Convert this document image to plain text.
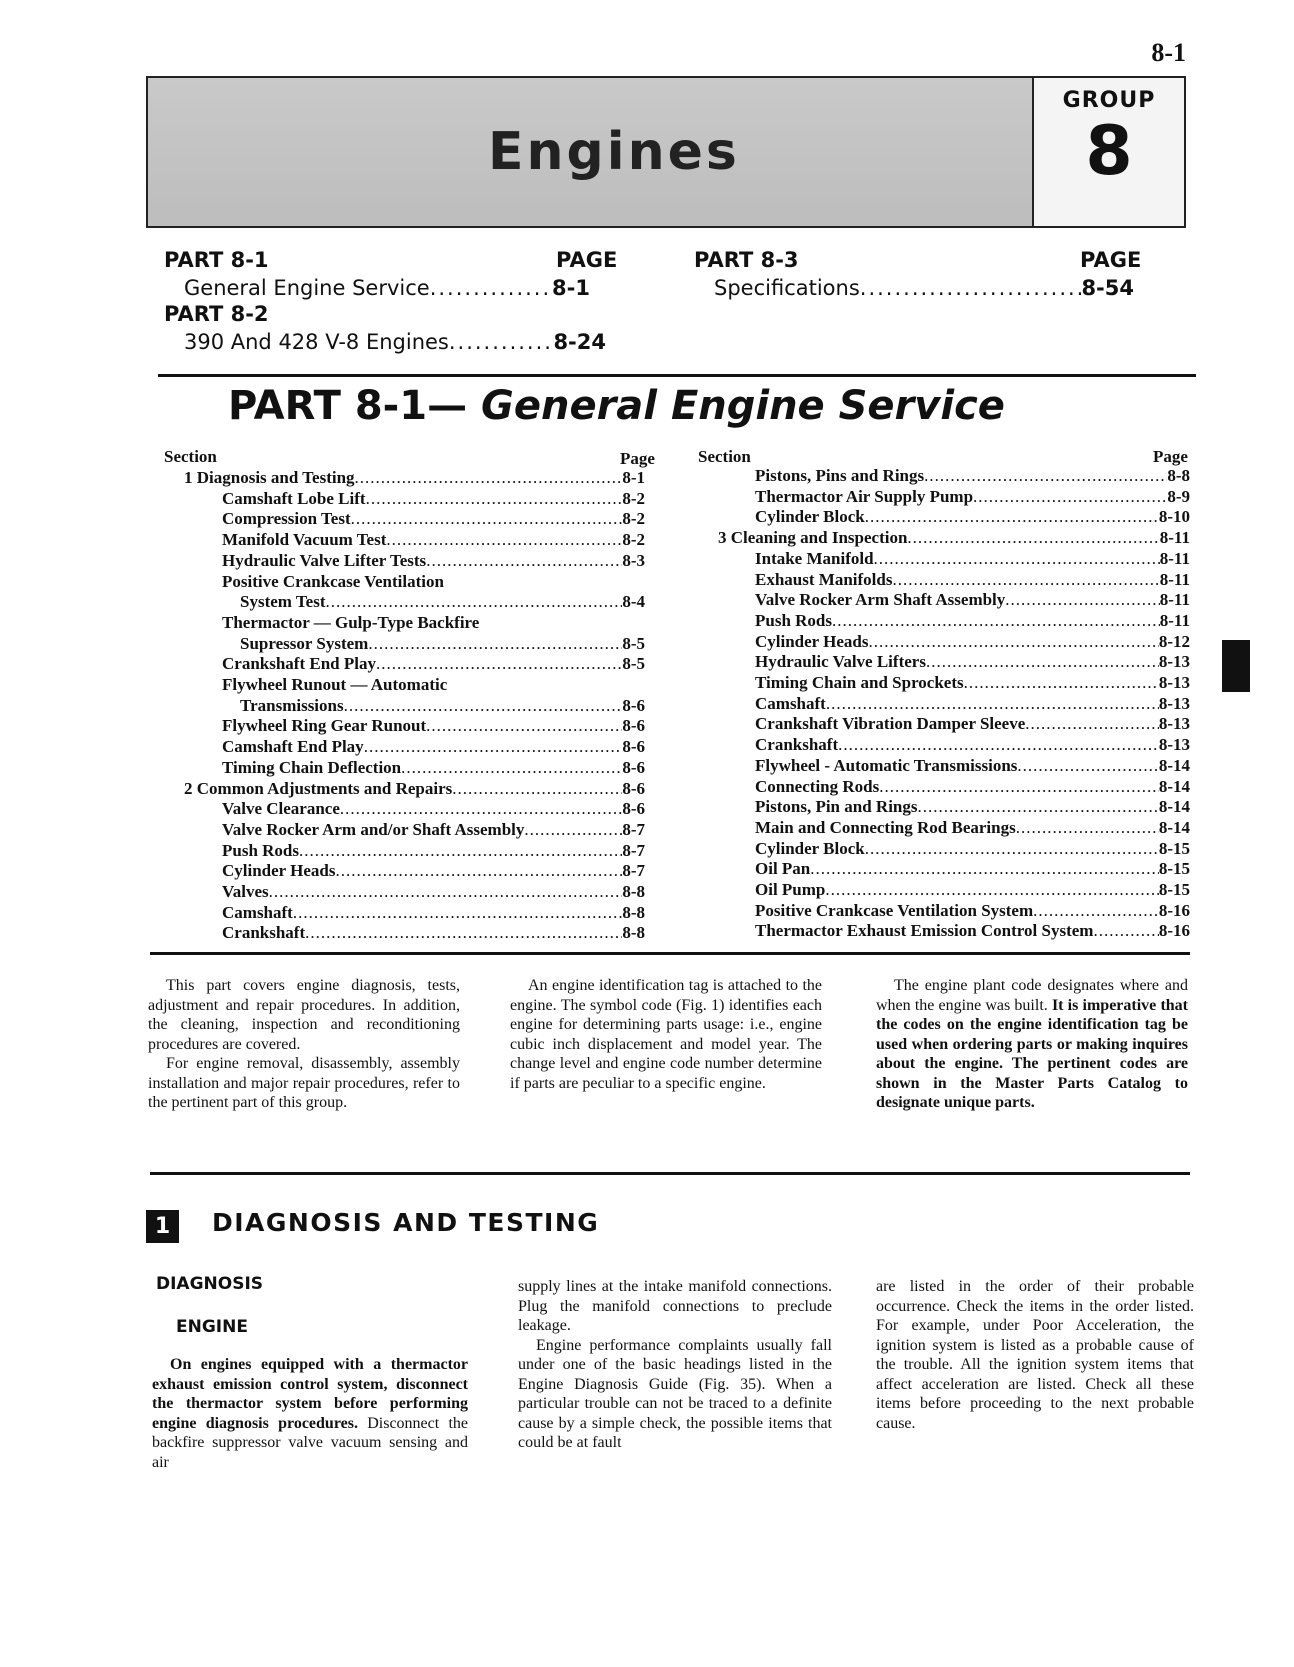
8-1
Engines
GROUP
8
PART 8-1	PAGE
General Engine Service .....	8-1
PART 8-2
390 And 428 V-8 Engines .....	8-24
PART 8-3	PAGE
Specifications .....	8-54
PART 8-1— General Engine Service
Section	Page	Section	Page
1 Diagnosis and Testing .....	8-1
Camshaft Lobe Lift .....	8-2
Compression Test .....	8-2
Manifold Vacuum Test .....	8-2
Hydraulic Valve Lifter Tests .....	8-3
Positive Crankcase Ventilation
System Test .....	8-4
Thermactor — Gulp-Type Backfire
Supressor System .....	8-5
Crankshaft End Play .....	8-5
Flywheel Runout — Automatic
Transmissions .....	8-6
Flywheel Ring Gear Runout .....	8-6
Camshaft End Play .....	8-6
Timing Chain Deflection .....	8-6
2 Common Adjustments and Repairs .....	8-6
Valve Clearance .....	8-6
Valve Rocker Arm and/or Shaft Assembly .....	8-7
Push Rods .....	8-7
Cylinder Heads .....	8-7
Valves .....	8-8
Camshaft .....	8-8
Crankshaft .....	8-8
Pistons, Pins and Rings .....	8-8
Thermactor Air Supply Pump .....	8-9
Cylinder Block .....	8-10
3 Cleaning and Inspection .....	8-11
Intake Manifold .....	8-11
Exhaust Manifolds .....	8-11
Valve Rocker Arm Shaft Assembly .....	8-11
Push Rods .....	8-11
Cylinder Heads .....	8-12
Hydraulic Valve Lifters .....	8-13
Timing Chain and Sprockets .....	8-13
Camshaft .....	8-13
Crankshaft Vibration Damper Sleeve .....	8-13
Crankshaft .....	8-13
Flywheel - Automatic Transmissions .....	8-14
Connecting Rods .....	8-14
Pistons, Pin and Rings .....	8-14
Main and Connecting Rod Bearings .....	8-14
Cylinder Block .....	8-15
Oil Pan .....	8-15
Oil Pump .....	8-15
Positive Crankcase Ventilation System .....	8-16
Thermactor Exhaust Emission Control System .....	8-16

This part covers engine diagnosis, tests, adjustment and repair procedures. In addition, the cleaning, inspection and reconditioning procedures are covered.

For engine removal, disassembly, assembly installation and major repair procedures, refer to the pertinent part of this group.

An engine identification tag is attached to the engine. The symbol code (Fig. 1) identifies each engine for determining parts usage: i.e., engine cubic inch displacement and model year. The change level and engine code number determine if parts are peculiar to a specific engine.

The engine plant code designates where and when the engine was built. It is imperative that the codes on the engine identification tag be used when ordering parts or making inquires about the engine. The pertinent codes are shown in the Master Parts Catalog to designate unique parts.

1	DIAGNOSIS AND TESTING
DIAGNOSIS
ENGINE

On engines equipped with a thermactor exhaust emission control system, disconnect the thermactor system before performing engine diagnosis procedures. Disconnect the backfire suppressor valve vacuum sensing and air

supply lines at the intake manifold connections. Plug the manifold connections to preclude leakage.

Engine performance complaints usually fall under one of the basic headings listed in the Engine Diagnosis Guide (Fig. 35). When a particular trouble can not be traced to a definite cause by a simple check, the possible items that could be at fault

are listed in the order of their probable occurrence. Check the items in the order listed. For example, under Poor Acceleration, the ignition system is listed as a probable cause of the trouble. All the ignition system items that affect acceleration are listed. Check all these items before proceeding to the next probable cause.
